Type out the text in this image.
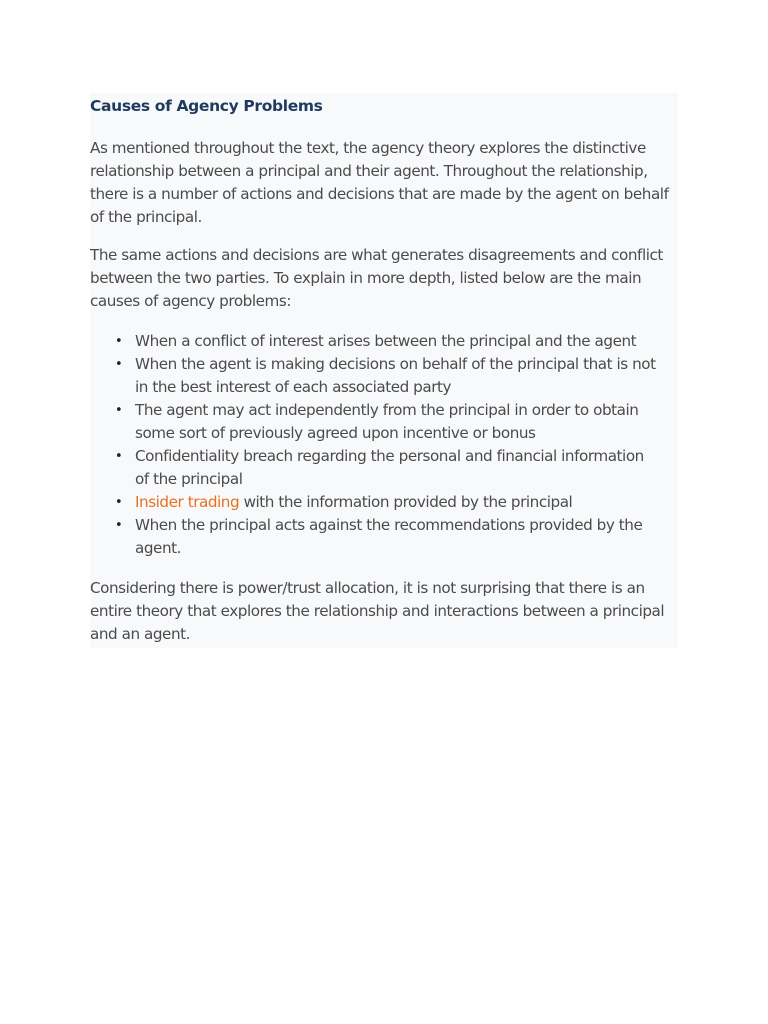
Causes of Agency Problems

As mentioned throughout the text, the agency theory explores the distinctive relationship between a principal and their agent. Throughout the relationship, there is a number of actions and decisions that are made by the agent on behalf of the principal.

The same actions and decisions are what generates disagreements and conflict between the two parties. To explain in more depth, listed below are the main causes of agency problems:

• When a conflict of interest arises between the principal and the agent
• When the agent is making decisions on behalf of the principal that is not in the best interest of each associated party
• The agent may act independently from the principal in order to obtain some sort of previously agreed upon incentive or bonus
• Confidentiality breach regarding the personal and financial information of the principal
• Insider trading with the information provided by the principal
• When the principal acts against the recommendations provided by the agent.

Considering there is power/trust allocation, it is not surprising that there is an entire theory that explores the relationship and interactions between a principal and an agent.
